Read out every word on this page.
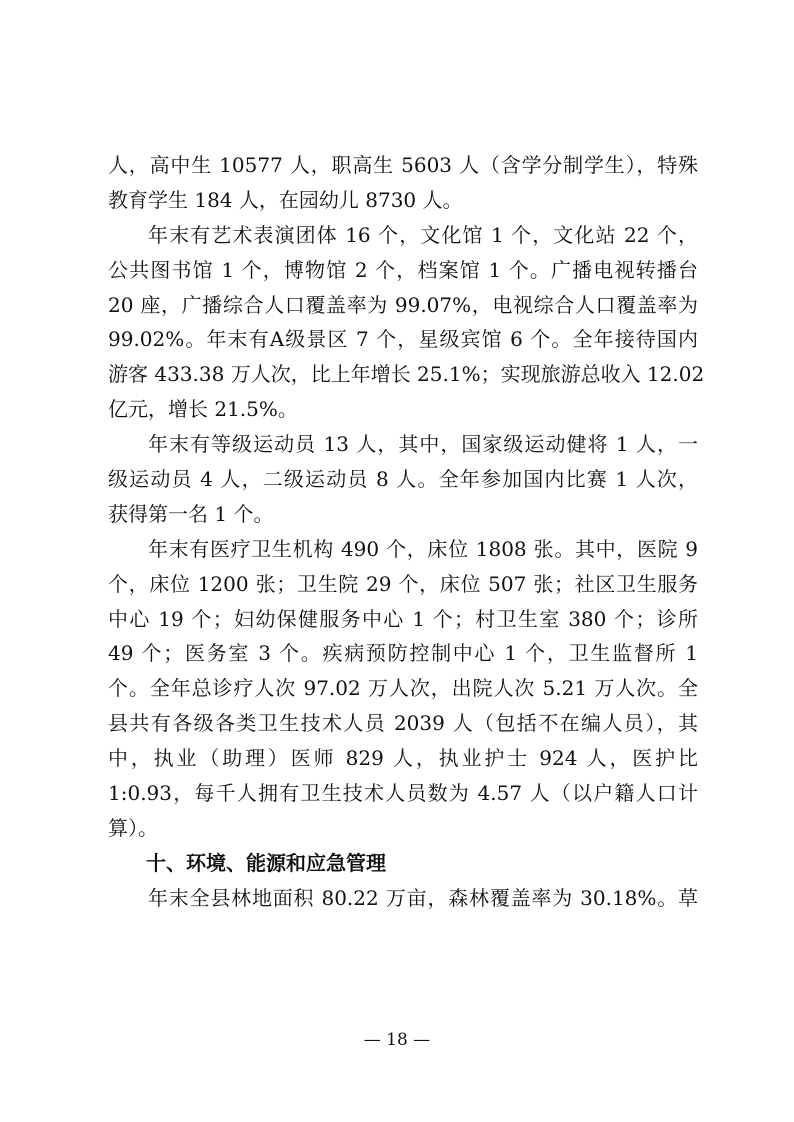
人，高中生 10577 人，职高生 5603 人（含学分制学生），特殊
教育学生 184 人，在园幼儿 8730 人。
年末有艺术表演团体 16 个，文化馆 1 个，文化站 22 个，
公共图书馆 1 个，博物馆 2 个，档案馆 1 个。广播电视转播台
20 座，广播综合人口覆盖率为 99.07%，电视综合人口覆盖率为
99.02%。年末有A级景区 7 个，星级宾馆 6 个。全年接待国内
游客 433.38 万人次，比上年增长 25.1%；实现旅游总收入 12.02
亿元，增长 21.5%。
年末有等级运动员 13 人，其中，国家级运动健将 1 人，一
级运动员 4 人，二级运动员 8 人。全年参加国内比赛 1 人次，
获得第一名 1 个。
年末有医疗卫生机构 490 个，床位 1808 张。其中，医院 9
个，床位 1200 张；卫生院 29 个，床位 507 张；社区卫生服务
中心 19 个；妇幼保健服务中心 1 个；村卫生室 380 个；诊所
49 个；医务室 3 个。疾病预防控制中心 1 个，卫生监督所 1
个。全年总诊疗人次 97.02 万人次，出院人次 5.21 万人次。全
县共有各级各类卫生技术人员 2039 人（包括不在编人员），其
中，执业（助理）医师 829 人，执业护士 924 人，医护比
1:0.93，每千人拥有卫生技术人员数为 4.57 人（以户籍人口计
算）。
十、环境、能源和应急管理
年末全县林地面积 80.22 万亩，森林覆盖率为 30.18%。草
— 18 —
